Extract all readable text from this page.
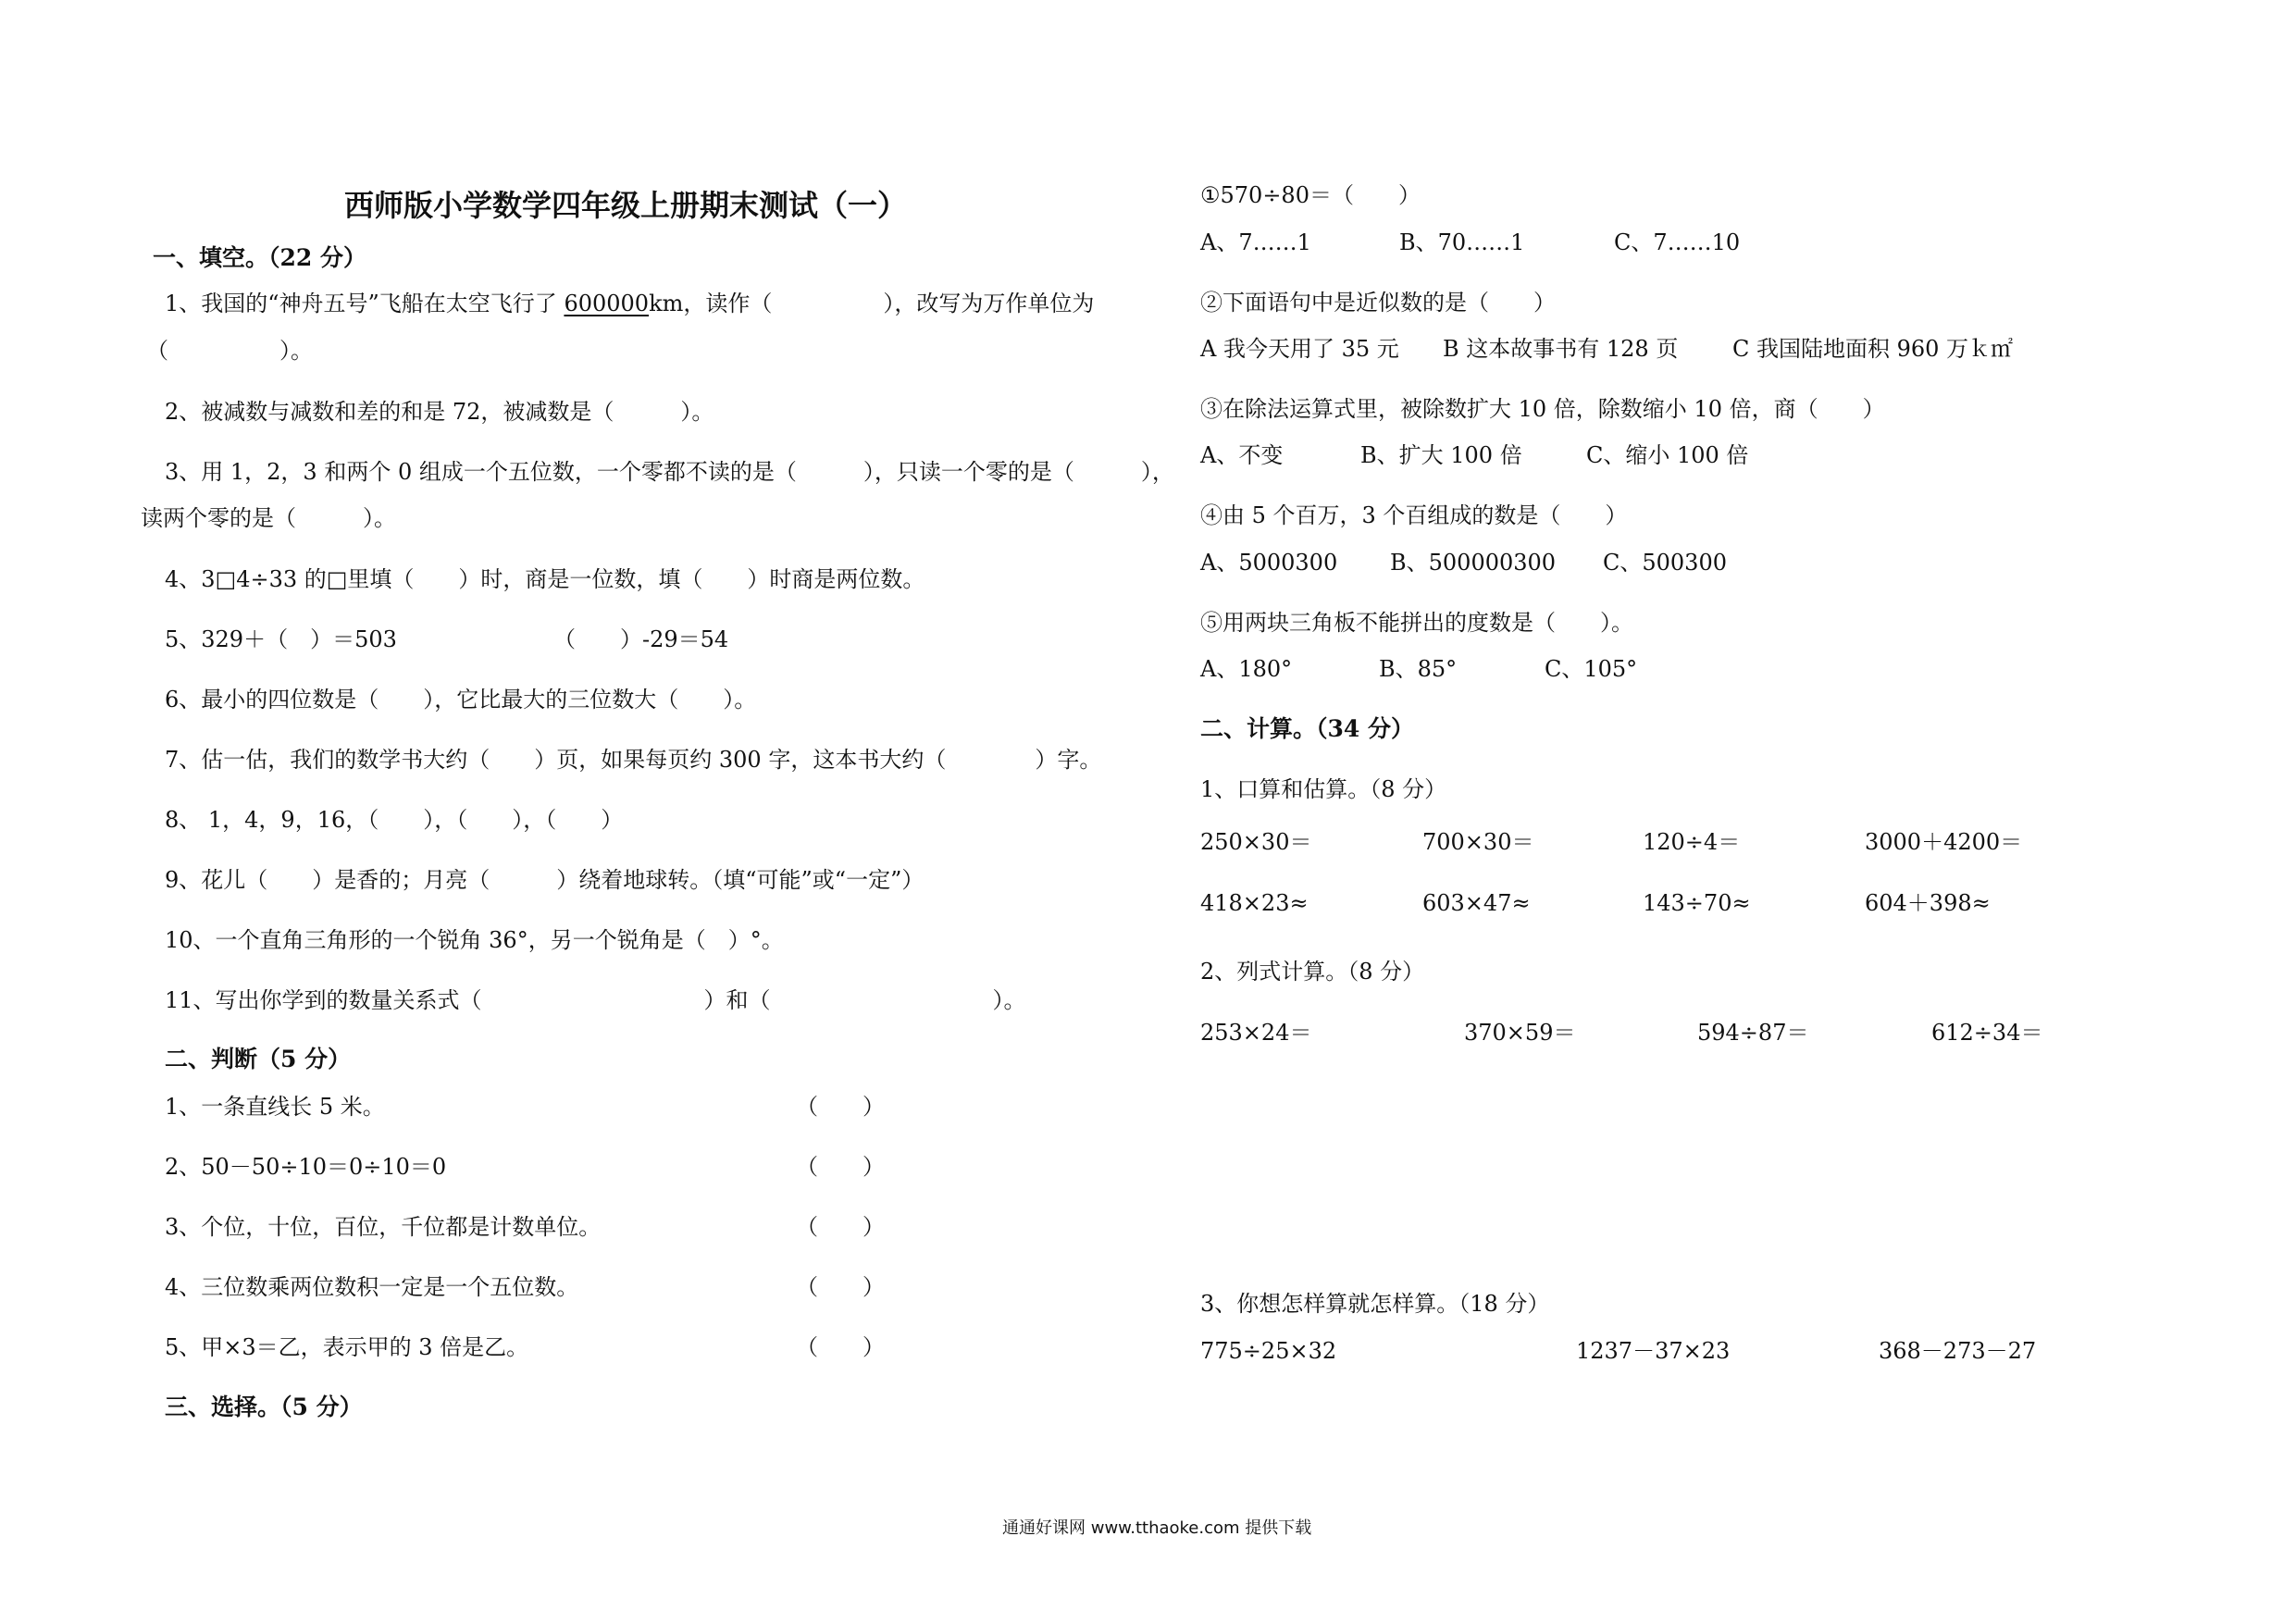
西师版小学数学四年级上册期末测试（一）
一、填空。（22 分）
1、我国的“神舟五号”飞船在太空飞行了 600000km，读作（　　　　　），改写为万作单位为
（　　　　　）。
2、被减数与减数和差的和是 72，被减数是（　　　）。
3、用 1，2，3 和两个 0 组成一个五位数，一个零都不读的是（　　　），只读一个零的是（　　　），
读两个零的是（　　　）。
4、3□4÷33 的□里填（　　）时，商是一位数，填（　　）时商是两位数。
5、329＋（　）＝503	（　　）-29＝54
6、最小的四位数是（　　），它比最大的三位数大（　　）。
7、估一估，我们的数学书大约（　　）页，如果每页约 300 字，这本书大约（　　　　）字。
8、 1，4，9，16，（　　），（　　），（　　）
9、花儿（　　）是香的；月亮（　　　）绕着地球转。（填“可能”或“一定”）
10、一个直角三角形的一个锐角 36°，另一个锐角是（　）°。
11、写出你学到的数量关系式（　　　　　　　　　　）和（　　　　　　　　　　）。
二、判断（5 分）
1、一条直线长 5 米。	（　　）
2、50－50÷10＝0÷10＝0	（　　）
3、个位，十位，百位，千位都是计数单位。	（　　）
4、三位数乘两位数积一定是一个五位数。	（　　）
5、甲×3＝乙，表示甲的 3 倍是乙。	（　　）
三、选择。（5 分）
①570÷80＝（　　）
A、7……1	B、70……1	C、7……10
②下面语句中是近似数的是（　　）
A 我今天用了 35 元 B 这本故事书有 128 页 C 我国陆地面积 960 万ｋ㎡
③在除法运算式里，被除数扩大 10 倍，除数缩小 10 倍，商（　　）
A、不变	B、扩大 100 倍	C、缩小 100 倍
④由 5 个百万，3 个百组成的数是（　　）
A、5000300 B、500000300 C、500300
⑤用两块三角板不能拼出的度数是（　　）。
A、180°	B、85°	C、105°
二、计算。（34 分）
1、口算和估算。（8 分）
250×30＝	700×30＝	120÷4＝	3000＋4200＝
418×23≈	603×47≈	143÷70≈	604＋398≈
2、列式计算。（8 分）
253×24＝	370×59＝	594÷87＝	612÷34＝
3、你想怎样算就怎样算。（18 分）
775÷25×32	1237－37×23	368－273－27
通通好课网 www.tthaoke.com 提供下载
